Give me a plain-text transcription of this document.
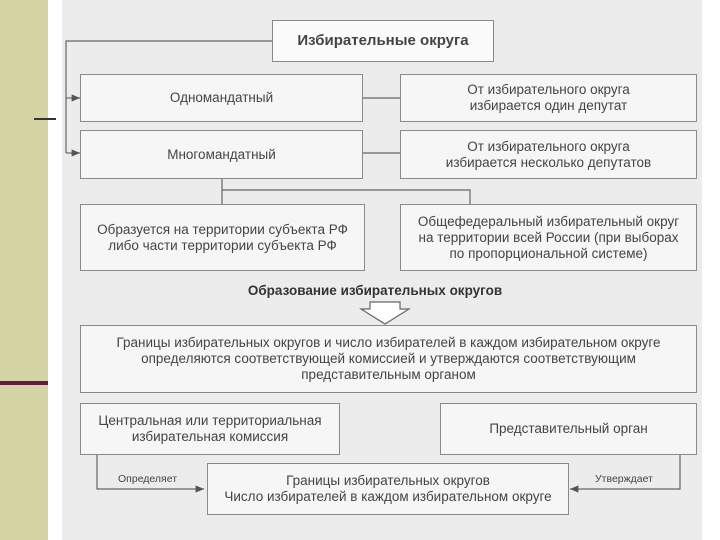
Избирательные округа
Одномандатный
От избирательного округа
избирается один депутат
Многомандатный
От избирательного округа
избирается несколько депутатов
Образуется на территории субъекта РФ
либо части территории субъекта РФ
Общефедеральный избирательный округ
на территории всей России (при выборах
по пропорциональной системе)
Образование избирательных округов
Границы избирательных округов и число избирателей в каждом избирательном округе
определяются соответствующей комиссией и утверждаются соответствующим
представительным органом
Центральная или территориальная
избирательная комиссия
Представительный орган
Границы избирательных округов
Число избирателей в каждом избирательном округе
Определяет	Утверждает
